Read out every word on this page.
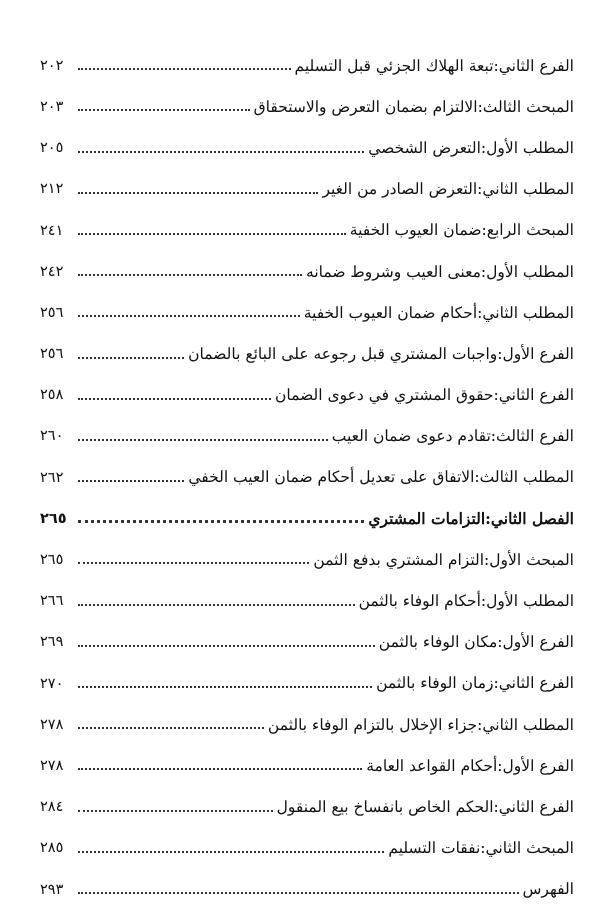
الفرع الثاني:تبعة الهلاك الجزئي قبل التسليم
٢٠٢
المبحث الثالث:الالتزام بضمان التعرض والاستحقاق
٢٠٣
المطلب الأول:التعرض الشخصي
٢٠٥
المطلب الثاني:التعرض الصادر من الغير
٢١٢
المبحث الرابع:ضمان العيوب الخفية
٢٤١
المطلب الأول:معنى العيب وشروط ضمانه
٢٤٢
المطلب الثاني:أحكام ضمان العيوب الخفية
٢٥٦
الفرع الأول:واجبات المشتري قبل رجوعه على البائع بالضمان
٢٥٦
الفرع الثاني:حقوق المشتري في دعوى الضمان
٢٥٨
الفرع الثالث:تقادم دعوى ضمان العيب
٢٦٠
المطلب الثالث:الاتفاق على تعديل أحكام ضمان العيب الخفي
٢٦٢
الفصل الثاني:التزامات المشتري
٢٦٥
المبحث الأول:التزام المشتري بدفع الثمن
٢٦٥
المطلب الأول:أحكام الوفاء بالثمن
٢٦٦
الفرع الأول:مكان الوفاء بالثمن
٢٦٩
الفرع الثاني:زمان الوفاء بالثمن
٢٧٠
المطلب الثاني:جزاء الإخلال بالتزام الوفاء بالثمن
٢٧٨
الفرع الأول:أحكام القواعد العامة
٢٧٨
الفرع الثاني:الحكم الخاص بانفساخ بيع المنقول
٢٨٤
المبحث الثاني:نفقات التسليم
٢٨٥
الفهرس
٢٩٣
